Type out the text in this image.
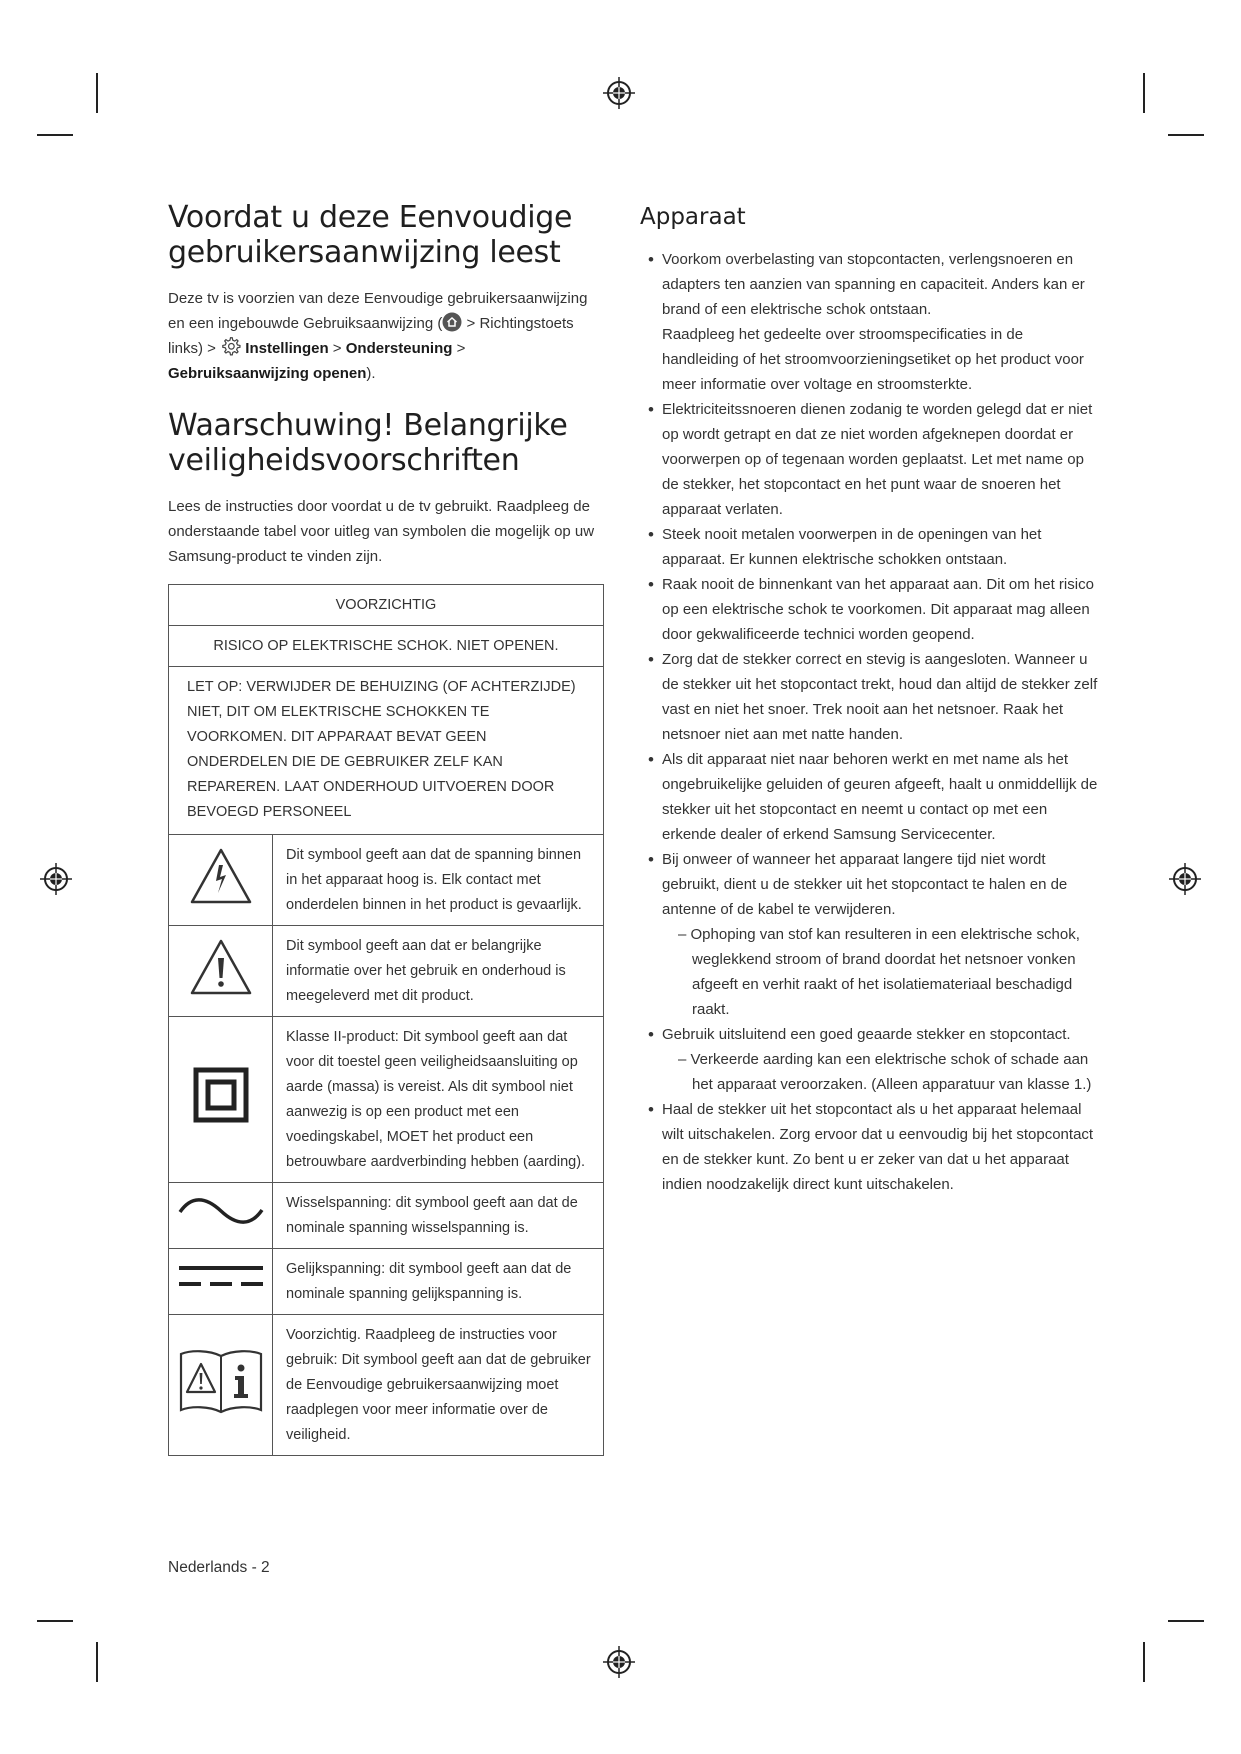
Voordat u deze Eenvoudige
gebruikersaanwijzing leest

Deze tv is voorzien van deze Eenvoudige gebruikersaanwijzing en een ingebouwde Gebruiksaanwijzing ( > Richtingstoets links) >  Instellingen > Ondersteuning > Gebruiksaanwijzing openen).

Waarschuwing! Belangrijke
veiligheidsvoorschriften

Lees de instructies door voordat u de tv gebruikt. Raadpleeg de onderstaande tabel voor uitleg van symbolen die mogelijk op uw Samsung-product te vinden zijn.

VOORZICHTIG	
RISICO OP ELEKTRISCHE SCHOK. NIET OPENEN.	
LET OP: VERWIJDER DE BEHUIZING (OF ACHTERZIJDE) NIET, DIT OM ELEKTRISCHE SCHOKKEN TE VOORKOMEN. DIT APPARAAT BEVAT GEEN ONDERDELEN DIE DE GEBRUIKER ZELF KAN REPAREREN. LAAT ONDERHOUD UITVOEREN DOOR BEVOEGD PERSONEEL	
	Dit symbool geeft aan dat de spanning binnen in het apparaat hoog is. Elk contact met onderdelen binnen in het product is gevaarlijk.
	Dit symbool geeft aan dat er belangrijke informatie over het gebruik en onderhoud is meegeleverd met dit product.
	Klasse II-product: Dit symbool geeft aan dat voor dit toestel geen veiligheidsaansluiting op aarde (massa) is vereist. Als dit symbool niet aanwezig is op een product met een voedingskabel, MOET het product een betrouwbare aardverbinding hebben (aarding).
	Wisselspanning: dit symbool geeft aan dat de nominale spanning wisselspanning is.
	Gelijkspanning: dit symbool geeft aan dat de nominale spanning gelijkspanning is.
	Voorzichtig. Raadpleeg de instructies voor gebruik: Dit symbool geeft aan dat de gebruiker de Eenvoudige gebruikersaanwijzing moet raadplegen voor meer informatie over de veiligheid.
Apparaat
• Voorkom overbelasting van stopcontacten, verlengsnoeren en adapters ten aanzien van spanning en capaciteit. Anders kan er brand of een elektrische schok ontstaan.
Raadpleeg het gedeelte over stroomspecificaties in de handleiding of het stroomvoorzieningsetiket op het product voor meer informatie over voltage en stroomsterkte.
• Elektriciteitssnoeren dienen zodanig te worden gelegd dat er niet op wordt getrapt en dat ze niet worden afgeknepen doordat er voorwerpen op of tegenaan worden geplaatst. Let met name op de stekker, het stopcontact en het punt waar de snoeren het apparaat verlaten.
• Steek nooit metalen voorwerpen in de openingen van het apparaat. Er kunnen elektrische schokken ontstaan.
• Raak nooit de binnenkant van het apparaat aan. Dit om het risico op een elektrische schok te voorkomen. Dit apparaat mag alleen door gekwalificeerde technici worden geopend.
• Zorg dat de stekker correct en stevig is aangesloten. Wanneer u de stekker uit het stopcontact trekt, houd dan altijd de stekker zelf vast en niet het snoer. Trek nooit aan het netsnoer. Raak het netsnoer niet aan met natte handen.
• Als dit apparaat niet naar behoren werkt en met name als het ongebruikelijke geluiden of geuren afgeeft, haalt u onmiddellijk de stekker uit het stopcontact en neemt u contact op met een erkende dealer of erkend Samsung Servicecenter.
• Bij onweer of wanneer het apparaat langere tijd niet wordt gebruikt, dient u de stekker uit het stopcontact te halen en de antenne of de kabel te verwijderen.
– Ophoping van stof kan resulteren in een elektrische schok, weglekkend stroom of brand doordat het netsnoer vonken afgeeft en verhit raakt of het isolatiemateriaal beschadigd raakt.
• Gebruik uitsluitend een goed geaarde stekker en stopcontact.
– Verkeerde aarding kan een elektrische schok of schade aan het apparaat veroorzaken. (Alleen apparatuur van klasse 1.)
• Haal de stekker uit het stopcontact als u het apparaat helemaal wilt uitschakelen. Zorg ervoor dat u eenvoudig bij het stopcontact en de stekker kunt. Zo bent u er zeker van dat u het apparaat indien noodzakelijk direct kunt uitschakelen.
Nederlands - 2
